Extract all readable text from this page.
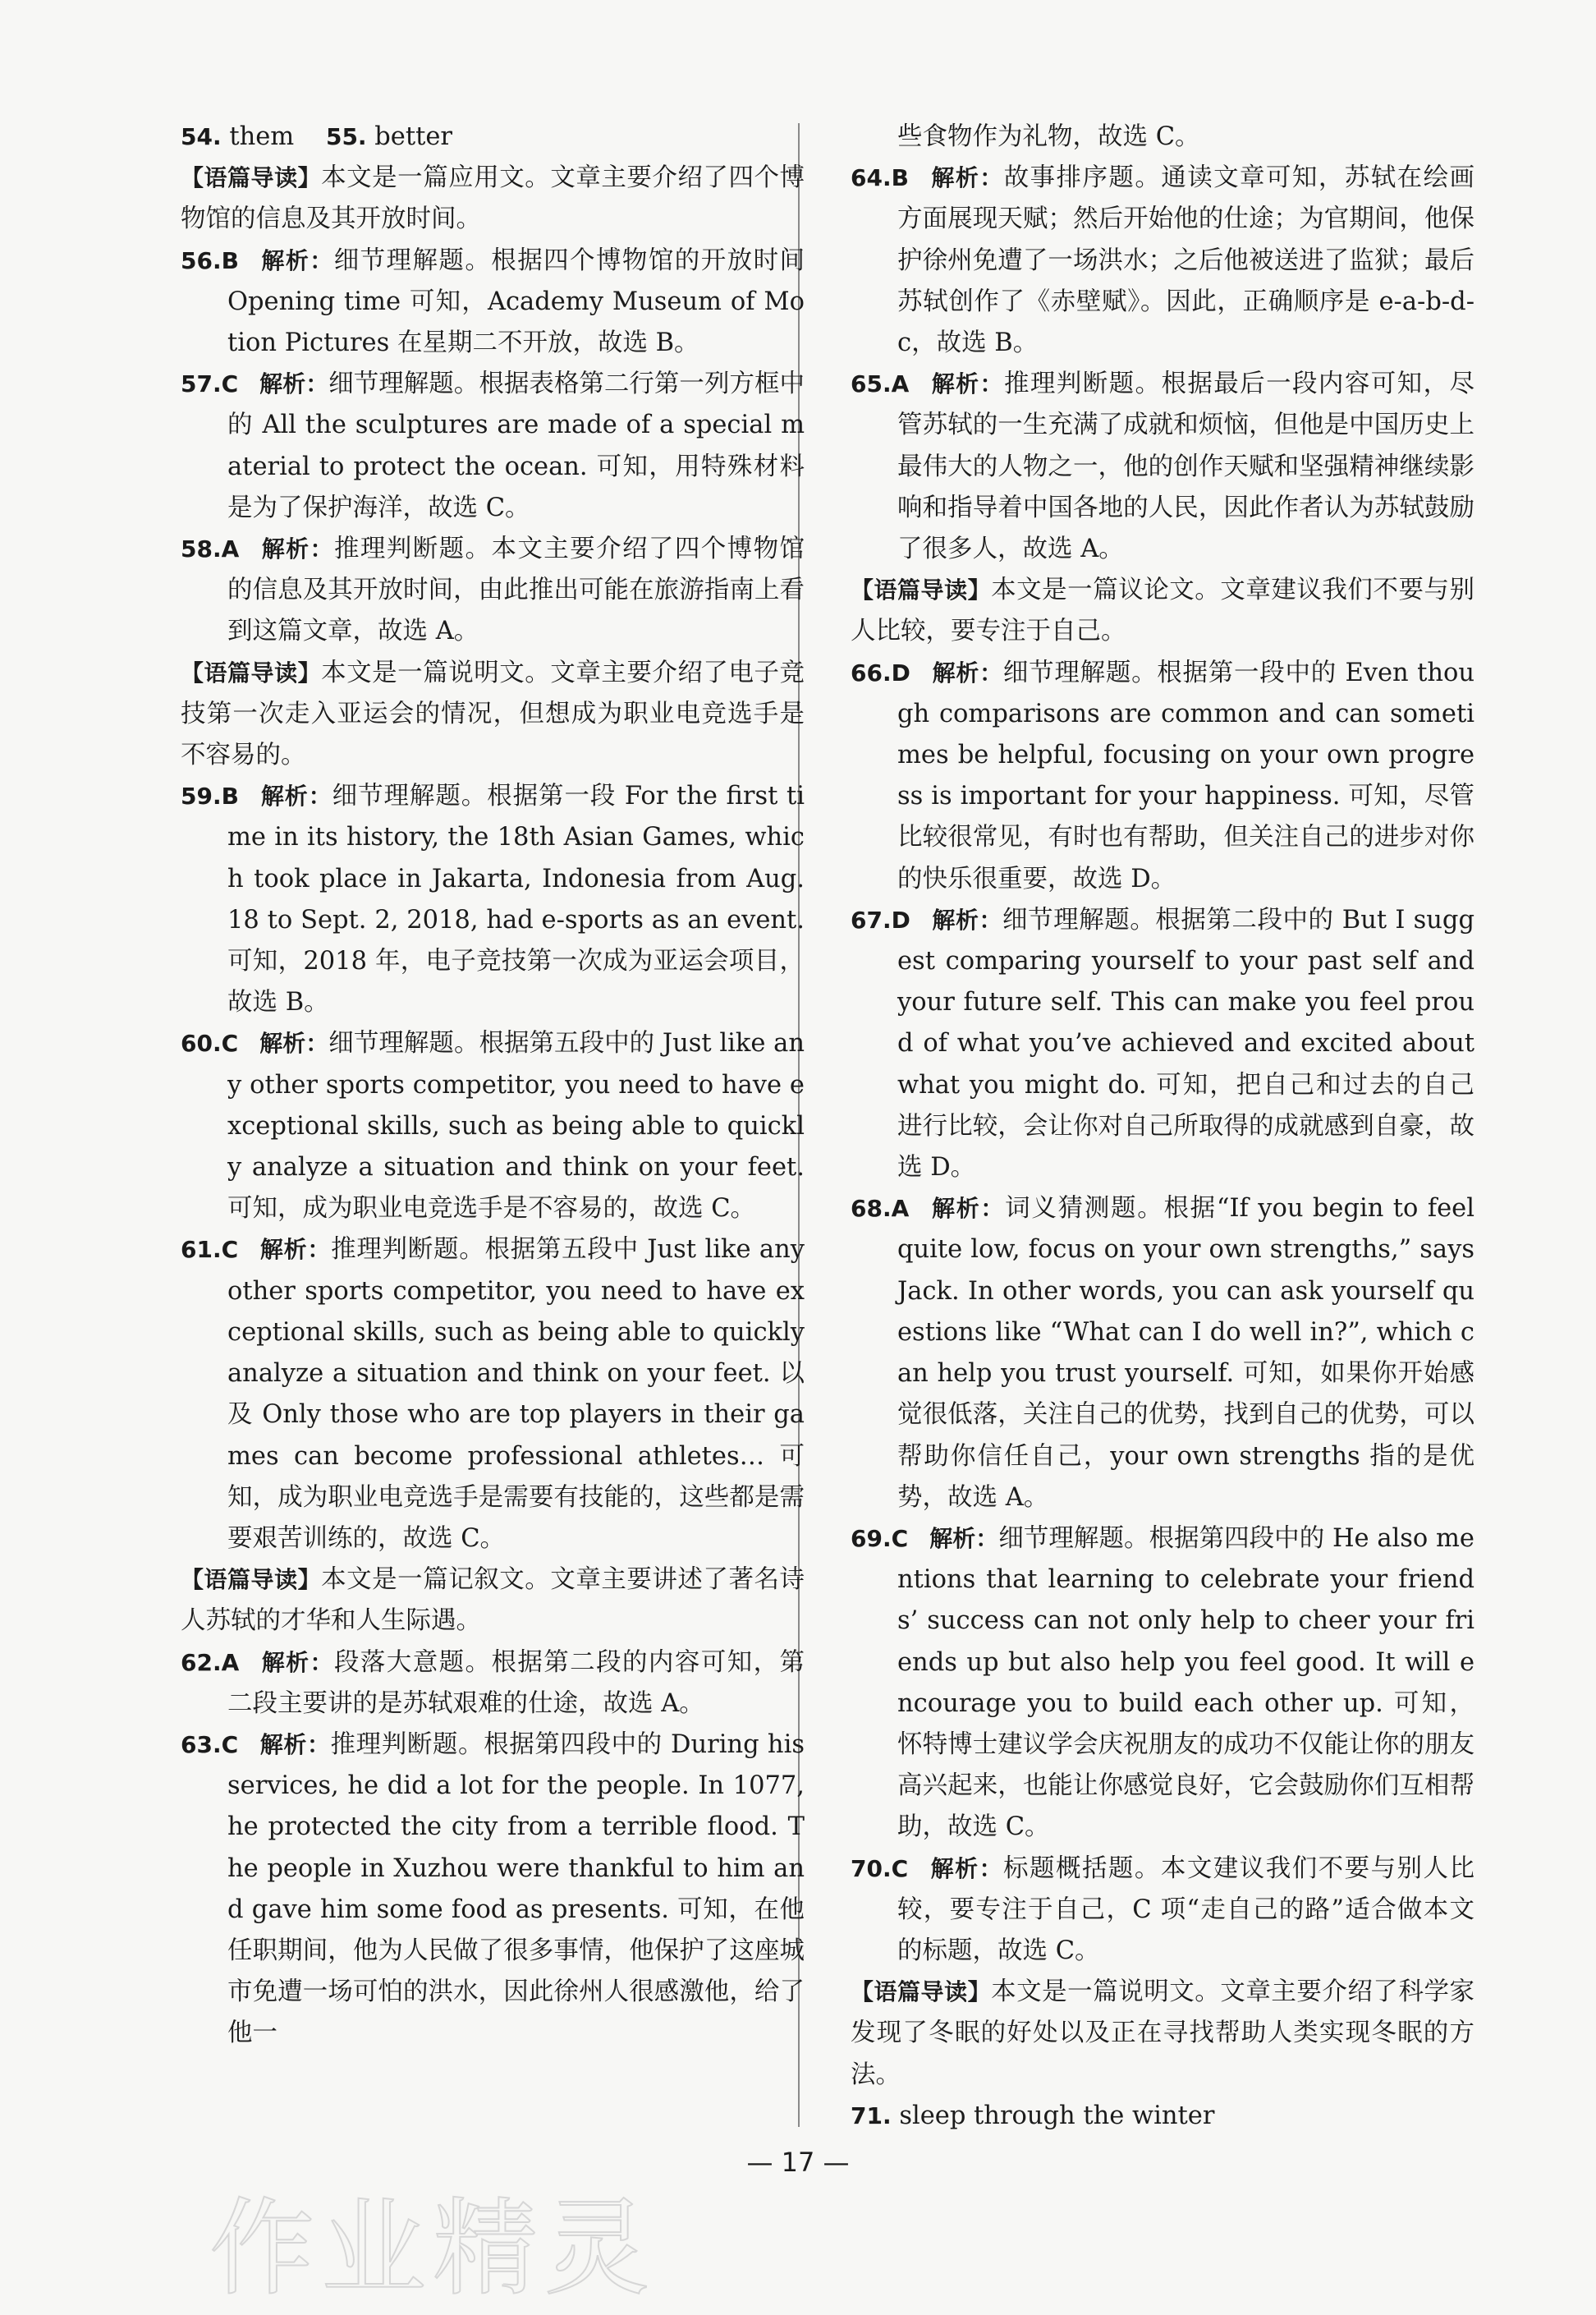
54. them 55. better

【语篇导读】本文是一篇应用文。文章主要介绍了四个博物馆的信息及其开放时间。

56.B 解析：细节理解题。根据四个博物馆的开放时间 Opening time 可知，Academy Museum of Motion Pictures 在星期二不开放，故选 B。

57.C 解析：细节理解题。根据表格第二行第一列方框中的 All the sculptures are made of a special material to protect the ocean. 可知，用特殊材料是为了保护海洋，故选 C。

58.A 解析：推理判断题。本文主要介绍了四个博物馆的信息及其开放时间，由此推出可能在旅游指南上看到这篇文章，故选 A。

【语篇导读】本文是一篇说明文。文章主要介绍了电子竞技第一次走入亚运会的情况，但想成为职业电竞选手是不容易的。

59.B 解析：细节理解题。根据第一段 For the first time in its history, the 18th Asian Games, which took place in Jakarta, Indonesia from Aug. 18 to Sept. 2, 2018, had e-sports as an event. 可知，2018 年，电子竞技第一次成为亚运会项目，故选 B。

60.C 解析：细节理解题。根据第五段中的 Just like any other sports competitor, you need to have exceptional skills, such as being able to quickly analyze a situation and think on your feet. 可知，成为职业电竞选手是不容易的，故选 C。

61.C 解析：推理判断题。根据第五段中 Just like any other sports competitor, you need to have exceptional skills, such as being able to quickly analyze a situation and think on your feet. 以及 Only those who are top players in their games can become professional athletes… 可知，成为职业电竞选手是需要有技能的，这些都是需要艰苦训练的，故选 C。

【语篇导读】本文是一篇记叙文。文章主要讲述了著名诗人苏轼的才华和人生际遇。

62.A 解析：段落大意题。根据第二段的内容可知，第二段主要讲的是苏轼艰难的仕途，故选 A。

63.C 解析：推理判断题。根据第四段中的 During his services, he did a lot for the people. In 1077, he protected the city from a terrible flood. The people in Xuzhou were thankful to him and gave him some food as presents. 可知，在他任职期间，他为人民做了很多事情，他保护了这座城市免遭一场可怕的洪水，因此徐州人很感激他，给了他一

些食物作为礼物，故选 C。

64.B 解析：故事排序题。通读文章可知，苏轼在绘画方面展现天赋；然后开始他的仕途；为官期间，他保护徐州免遭了一场洪水；之后他被送进了监狱；最后苏轼创作了《赤壁赋》。因此，正确顺序是 e-a-b-d-c，故选 B。

65.A 解析：推理判断题。根据最后一段内容可知，尽管苏轼的一生充满了成就和烦恼，但他是中国历史上最伟大的人物之一，他的创作天赋和坚强精神继续影响和指导着中国各地的人民，因此作者认为苏轼鼓励了很多人，故选 A。

【语篇导读】本文是一篇议论文。文章建议我们不要与别人比较，要专注于自己。

66.D 解析：细节理解题。根据第一段中的 Even though comparisons are common and can sometimes be helpful, focusing on your own progress is important for your happiness. 可知，尽管比较很常见，有时也有帮助，但关注自己的进步对你的快乐很重要，故选 D。

67.D 解析：细节理解题。根据第二段中的 But I suggest comparing yourself to your past self and your future self. This can make you feel proud of what you’ve achieved and excited about what you might do. 可知，把自己和过去的自己进行比较，会让你对自己所取得的成就感到自豪，故选 D。

68.A 解析：词义猜测题。根据“If you begin to feel quite low, focus on your own strengths,” says Jack. In other words, you can ask yourself questions like “What can I do well in?”, which can help you trust yourself. 可知，如果你开始感觉很低落，关注自己的优势，找到自己的优势，可以帮助你信任自己，your own strengths 指的是优势，故选 A。

69.C 解析：细节理解题。根据第四段中的 He also mentions that learning to celebrate your friends’ success can not only help to cheer your friends up but also help you feel good. It will encourage you to build each other up. 可知，怀特博士建议学会庆祝朋友的成功不仅能让你的朋友高兴起来，也能让你感觉良好，它会鼓励你们互相帮助，故选 C。

70.C 解析：标题概括题。本文建议我们不要与别人比较，要专注于自己，C 项“走自己的路”适合做本文的标题，故选 C。

【语篇导读】本文是一篇说明文。文章主要介绍了科学家发现了冬眠的好处以及正在寻找帮助人类实现冬眠的方法。

71. sleep through the winter

— 17 —
作业精灵
